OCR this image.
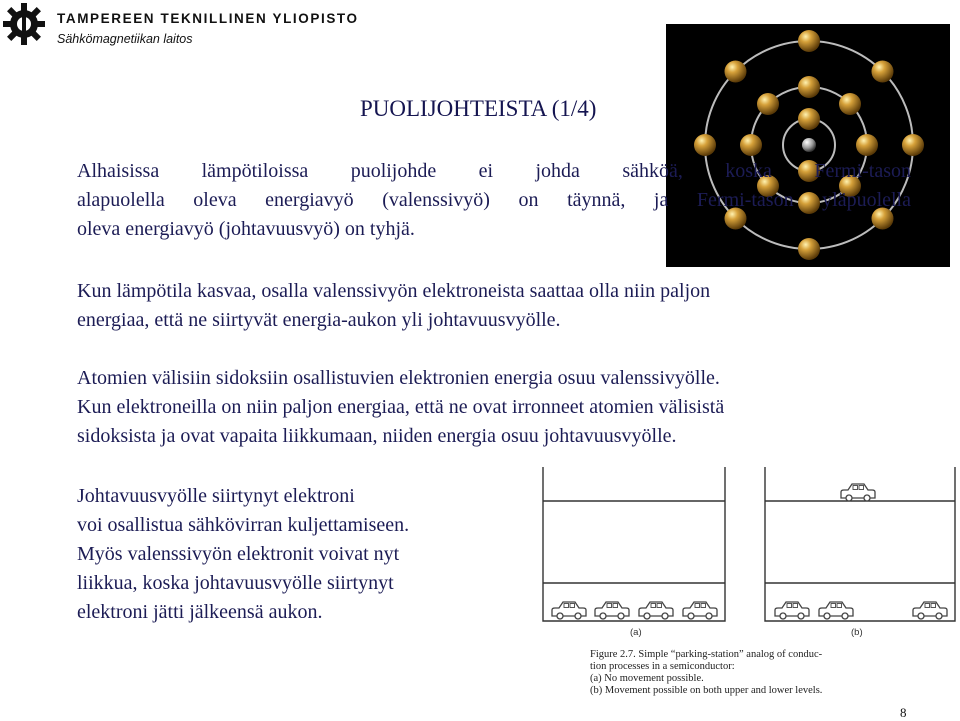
TAMPEREEN TEKNILLINEN YLIOPISTO
Sähkömagnetiikan laitos
PUOLIJOHTEISTA (1/4)
Alhaisissa lämpötiloissa puolijohde ei johda sähköä, koska Fermi-tason
alapuolella oleva energiavyö (valenssivyö) on täynnä, ja Fermi-tason yläpuolella
oleva energiavyö (johtavuusvyö) on tyhjä.
Kun lämpötila kasvaa, osalla valenssivyön elektroneista saattaa olla niin paljon
energiaa, että ne siirtyvät energia-aukon yli johtavuusvyölle.
Atomien välisiin sidoksiin osallistuvien elektronien energia osuu valenssivyölle.
Kun elektroneilla on niin paljon energiaa, että ne ovat irronneet atomien välisistä
sidoksista ja ovat vapaita liikkumaan, niiden energia osuu johtavuusvyölle.
(a)	(b)
Figure 2.7. Simple “parking-station” analog of conduc-
tion processes in a semiconductor:
(a) No movement possible.
(b) Movement possible on both upper and lower levels.
Johtavuusvyölle siirtynyt elektroni
voi osallistua sähkövirran kuljettamiseen.
Myös valenssivyön elektronit voivat nyt
liikkua, koska johtavuusvyölle siirtynyt
elektroni jätti jälkeensä aukon.
8
